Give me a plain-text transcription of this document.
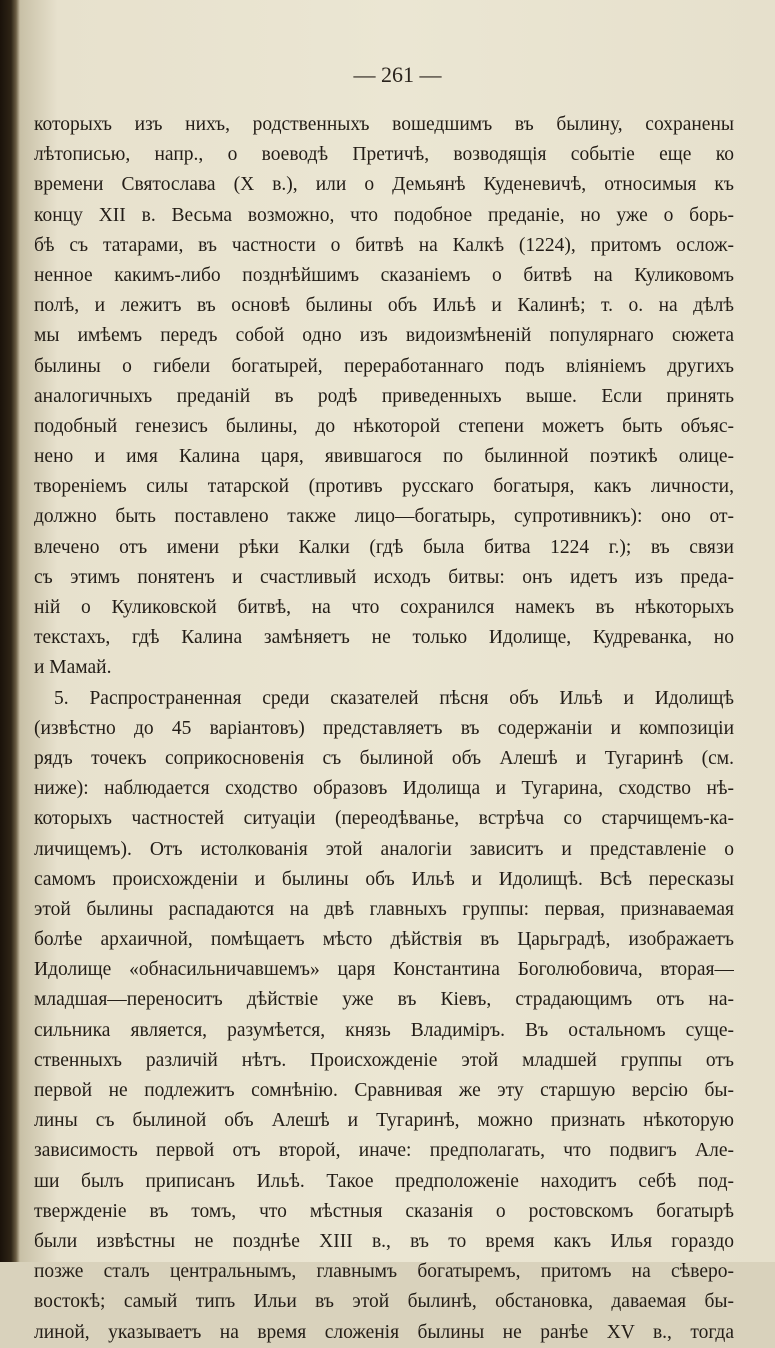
— 261 —

которыхъ изъ нихъ, родственныхъ вошедшимъ въ былину, сохранены
лѣтописью, напр., о воеводѣ Претичѣ, возводящія событіе еще ко
времени Святослава (X в.), или о Демьянѣ Куденевичѣ, относимыя къ
концу XII в. Весьма возможно, что подобное преданіе, но уже о борь-
бѣ съ татарами, въ частности о битвѣ на Калкѣ (1224), притомъ ослож-
ненное какимъ-либо позднѣйшимъ сказаніемъ о битвѣ на Куликовомъ
полѣ, и лежитъ въ основѣ былины объ Ильѣ и Калинѣ; т. о. на дѣлѣ
мы имѣемъ передъ собой одно изъ видоизмѣненій популярнаго сюжета
былины о гибели богатырей, переработаннаго подъ вліяніемъ другихъ
аналогичныхъ преданій въ родѣ приведенныхъ выше. Если принять
подобный генезисъ былины, до нѣкоторой степени можетъ быть объяс-
нено и имя Калина царя, явившагося по былинной поэтикѣ олице-
твореніемъ силы татарской (противъ русскаго богатыря, какъ личности,
должно быть поставлено также лицо—богатырь, супротивникъ): оно от-
влечено отъ имени рѣки Калки (гдѣ была битва 1224 г.); въ связи
съ этимъ понятенъ и счастливый исходъ битвы: онъ идетъ изъ преда-
ній о Куликовской битвѣ, на что сохранился намекъ въ нѣкоторыхъ
текстахъ, гдѣ Калина замѣняетъ не только Идолище, Кудреванка, но
и Мамай.
5. Распространенная среди сказателей пѣсня объ Ильѣ и Идолищѣ
(извѣстно до 45 варіантовъ) представляетъ въ содержаніи и композиціи
рядъ точекъ соприкосновенія съ былиной объ Алешѣ и Тугаринѣ (см.
ниже): наблюдается сходство образовъ Идолища и Тугарина, сходство нѣ-
которыхъ частностей ситуаціи (переодѣванье, встрѣча со старчищемъ-ка-
личищемъ). Отъ истолкованія этой аналогіи зависитъ и представленіе о
самомъ происхожденіи и былины объ Ильѣ и Идолищѣ. Всѣ пересказы
этой былины распадаются на двѣ главныхъ группы: первая, признаваемая
болѣе архаичной, помѣщаетъ мѣсто дѣйствія въ Царьградѣ, изображаетъ
Идолище «обнасильничавшемъ» царя Константина Боголюбовича, вторая—
младшая—переноситъ дѣйствіе уже въ Кіевъ, страдающимъ отъ на-
сильника является, разумѣется, князь Владиміръ. Въ остальномъ суще-
ственныхъ различій нѣтъ. Происхожденіе этой младшей группы отъ
первой не подлежитъ сомнѣнію. Сравнивая же эту старшую версію бы-
лины съ былиной объ Алешѣ и Тугаринѣ, можно признать нѣкоторую
зависимость первой отъ второй, иначе: предполагать, что подвигъ Але-
ши былъ приписанъ Ильѣ. Такое предположеніе находитъ себѣ под-
твержденіе въ томъ, что мѣстныя сказанія о ростовскомъ богатырѣ
были извѣстны не позднѣе XIII в., въ то время какъ Илья гораздо
позже сталъ центральнымъ, главнымъ богатыремъ, притомъ на сѣверо-
востокѣ; самый типъ Ильи въ этой былинѣ, обстановка, даваемая бы-
линой, указываетъ на время сложенія былины не ранѣе XV в., тогда
